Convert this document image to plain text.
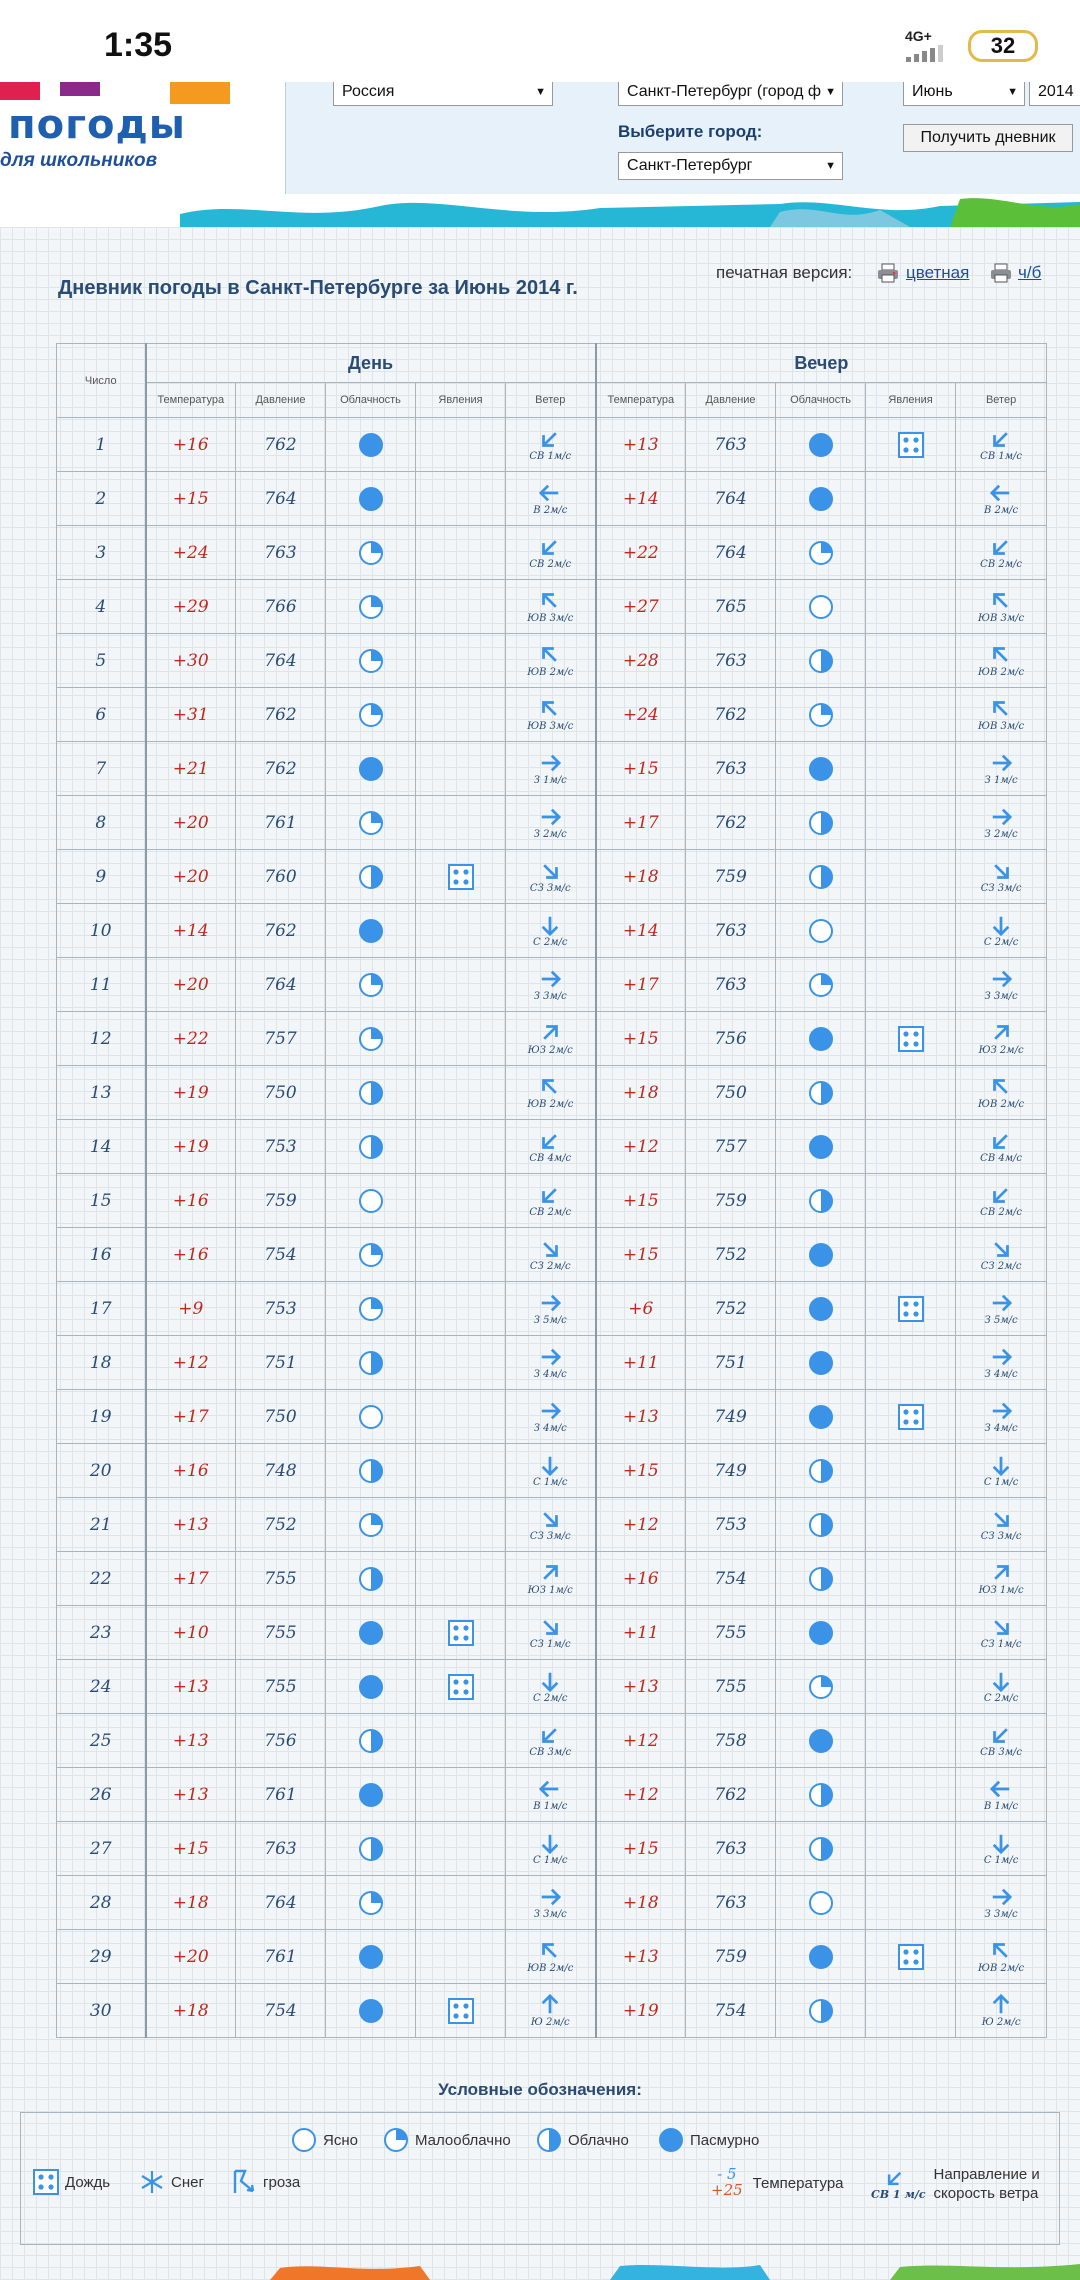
1:35	4G+	32
погоды
для школьников
Россия	▼	Санкт-Петербург (город ф ▼
Выберите город:
Санкт-Петербург	▼
Июнь	▼	2014
Получить дневник
Дневник погоды в Санкт-Петербурге за Июнь 2014 г.
печатная версия:	цветная	ч/б
Число	День					Вечер				
	Температура	Давление	Облачность	Явления	Ветер	Температура	Давление	Облачность	Явления	Ветер
1	+16	762			СВ 1м/с	+13	763			СВ 1м/с

2	+15	764			В 2м/с	+14	764			В 2м/с

3	+24	763			СВ 2м/с	+22	764			СВ 2м/с

4	+29	766			ЮВ 3м/с	+27	765			ЮВ 3м/с

5	+30	764			ЮВ 2м/с	+28	763			ЮВ 2м/с

6	+31	762			ЮВ 3м/с	+24	762			ЮВ 3м/с

7	+21	762			З 1м/с	+15	763			З 1м/с

8	+20	761			З 2м/с	+17	762			З 2м/с

9	+20	760			СЗ 3м/с	+18	759			СЗ 3м/с

10	+14	762			С 2м/с	+14	763			С 2м/с

11	+20	764			З 3м/с	+17	763			З 3м/с

12	+22	757			ЮЗ 2м/с	+15	756			ЮЗ 2м/с

13	+19	750			ЮВ 2м/с	+18	750			ЮВ 2м/с

14	+19	753			СВ 4м/с	+12	757			СВ 4м/с

15	+16	759			СВ 2м/с	+15	759			СВ 2м/с

16	+16	754			СЗ 2м/с	+15	752			СЗ 2м/с

17	+9	753			З 5м/с	+6	752			З 5м/с

18	+12	751			З 4м/с	+11	751			З 4м/с

19	+17	750			З 4м/с	+13	749			З 4м/с

20	+16	748			С 1м/с	+15	749			С 1м/с

21	+13	752			СЗ 3м/с	+12	753			СЗ 3м/с

22	+17	755			ЮЗ 1м/с	+16	754			ЮЗ 1м/с

23	+10	755			СЗ 1м/с	+11	755			СЗ 1м/с

24	+13	755			С 2м/с	+13	755			С 2м/с

25	+13	756			СВ 3м/с	+12	758			СВ 3м/с

26	+13	761			В 1м/с	+12	762			В 1м/с

27	+15	763			С 1м/с	+15	763			С 1м/с

28	+18	764			З 3м/с	+18	763			З 3м/с

29	+20	761			ЮВ 2м/с	+13	759			ЮВ 2м/с

30	+18	754			Ю 2м/с	+19	754			Ю 2м/с
Условные обозначения:
Ясно	Малооблачно	Облачно	Пасмурно
Дождь	Снег	гроза	- 5
+25 Температура
СВ 1 м/с
Направление и
скорость ветра
